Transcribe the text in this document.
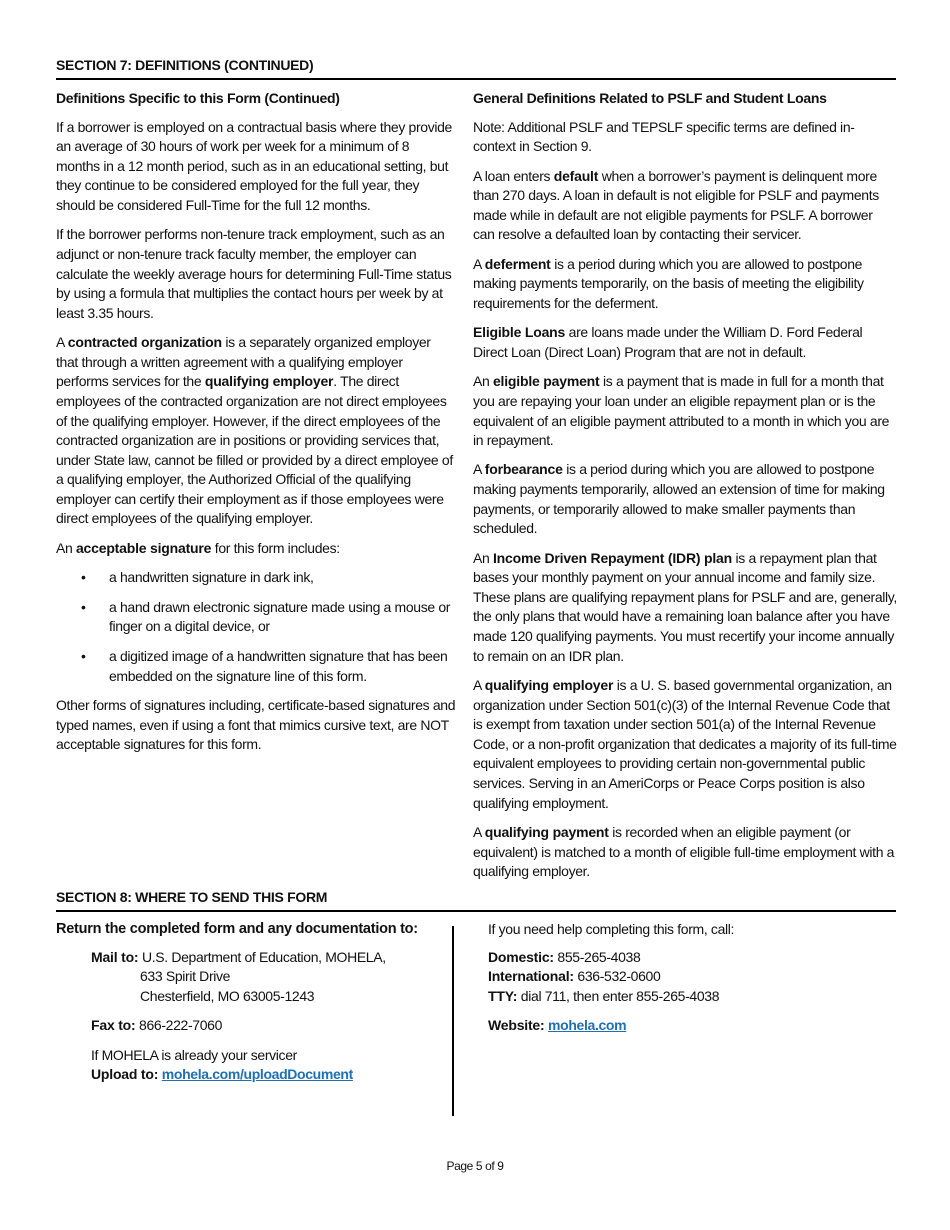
SECTION 7: DEFINITIONS (CONTINUED)
Definitions Specific to this Form (Continued)

If a borrower is employed on a contractual basis where they provide an average of 30 hours of work per week for a minimum of 8 months in a 12 month period, such as in an educational setting, but they continue to be considered employed for the full year, they should be considered Full-Time for the full 12 months.

If the borrower performs non-tenure track employment, such as an adjunct or non-tenure track faculty member, the employer can calculate the weekly average hours for determining Full-Time status by using a formula that multiplies the contact hours per week by at least 3.35 hours.

A contracted organization is a separately organized employer that through a written agreement with a qualifying employer performs services for the qualifying employer. The direct employees of the contracted organization are not direct employees of the qualifying employer. However, if the direct employees of the contracted organization are in positions or providing services that, under State law, cannot be filled or provided by a direct employee of a qualifying employer, the Authorized Official of the qualifying employer can certify their employment as if those employees were direct employees of the qualifying employer.

An acceptable signature for this form includes:

• a handwritten signature in dark ink,
• a hand drawn electronic signature made using a mouse or finger on a digital device, or
• a digitized image of a handwritten signature that has been embedded on the signature line of this form.

Other forms of signatures including, certificate-based signatures and typed names, even if using a font that mimics cursive text, are NOT acceptable signatures for this form.

General Definitions Related to PSLF and Student Loans

Note: Additional PSLF and TEPSLF specific terms are defined in-context in Section 9.

A loan enters default when a borrower’s payment is delinquent more than 270 days. A loan in default is not eligible for PSLF and payments made while in default are not eligible payments for PSLF. A borrower can resolve a defaulted loan by contacting their servicer.

A deferment is a period during which you are allowed to postpone making payments temporarily, on the basis of meeting the eligibility requirements for the deferment.

Eligible Loans are loans made under the William D. Ford Federal Direct Loan (Direct Loan) Program that are not in default.

An eligible payment is a payment that is made in full for a month that you are repaying your loan under an eligible repayment plan or is the equivalent of an eligible payment attributed to a month in which you are in repayment.

A forbearance is a period during which you are allowed to postpone making payments temporarily, allowed an extension of time for making payments, or temporarily allowed to make smaller payments than scheduled.

An Income Driven Repayment (IDR) plan is a repayment plan that bases your monthly payment on your annual income and family size. These plans are qualifying repayment plans for PSLF and are, generally, the only plans that would have a remaining loan balance after you have made 120 qualifying payments. You must recertify your income annually to remain on an IDR plan.

A qualifying employer is a U. S. based governmental organization, an organization under Section 501(c)(3) of the Internal Revenue Code that is exempt from taxation under section 501(a) of the Internal Revenue Code, or a non-profit organization that dedicates a majority of its full-time equivalent employees to providing certain non-governmental public services. Serving in an AmeriCorps or Peace Corps position is also qualifying employment.

A qualifying payment is recorded when an eligible payment (or equivalent) is matched to a month of eligible full-time employment with a qualifying employer.

SECTION 8: WHERE TO SEND THIS FORM
Return the completed form and any documentation to:
Mail to: U.S. Department of Education, MOHELA,
633 Spirit Drive
Chesterfield, MO 63005-1243
Fax to: 866-222-7060
If MOHELA is already your servicer
Upload to: mohela.com/uploadDocument
If you need help completing this form, call:
Domestic: 855-265-4038
International: 636-532-0600
TTY: dial 711, then enter 855-265-4038
Website: mohela.com
Page 5 of 9
